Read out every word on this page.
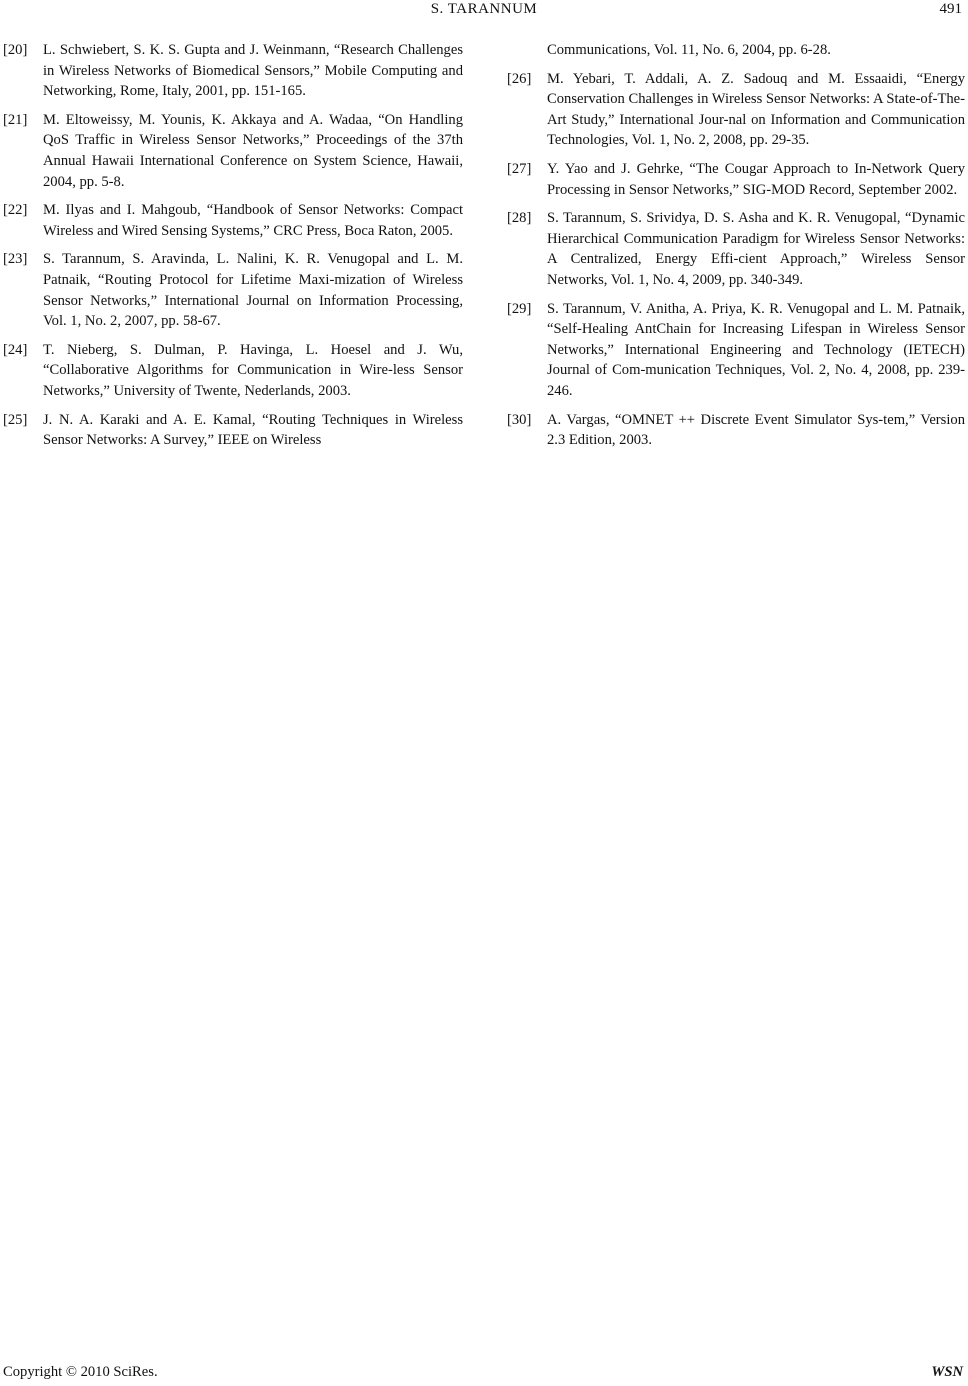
S. TARANNUM	491
[20] L. Schwiebert, S. K. S. Gupta and J. Weinmann, “Research Challenges in Wireless Networks of Biomedical Sensors,” Mobile Computing and Networking, Rome, Italy, 2001, pp. 151-165.
[21] M. Eltoweissy, M. Younis, K. Akkaya and A. Wadaa, “On Handling QoS Traffic in Wireless Sensor Networks,” Proceedings of the 37th Annual Hawaii International Conference on System Science, Hawaii, 2004, pp. 5-8.
[22] M. Ilyas and I. Mahgoub, “Handbook of Sensor Networks: Compact Wireless and Wired Sensing Systems,” CRC Press, Boca Raton, 2005.
[23] S. Tarannum, S. Aravinda, L. Nalini, K. R. Venugopal and L. M. Patnaik, “Routing Protocol for Lifetime Maxi-mization of Wireless Sensor Networks,” International Journal on Information Processing, Vol. 1, No. 2, 2007, pp. 58-67.
[24] T. Nieberg, S. Dulman, P. Havinga, L. Hoesel and J. Wu, “Collaborative Algorithms for Communication in Wire-less Sensor Networks,” University of Twente, Nederlands, 2003.
[25] J. N. A. Karaki and A. E. Kamal, “Routing Techniques in Wireless Sensor Networks: A Survey,” IEEE on Wireless
Communications, Vol. 11, No. 6, 2004, pp. 6-28.
[26] M. Yebari, T. Addali, A. Z. Sadouq and M. Essaaidi, “Energy Conservation Challenges in Wireless Sensor Networks: A State-of-The-Art Study,” International Jour-nal on Information and Communication Technologies, Vol. 1, No. 2, 2008, pp. 29-35.
[27] Y. Yao and J. Gehrke, “The Cougar Approach to In-Network Query Processing in Sensor Networks,” SIG-MOD Record, September 2002.
[28] S. Tarannum, S. Srividya, D. S. Asha and K. R. Venugopal, “Dynamic Hierarchical Communication Paradigm for Wireless Sensor Networks: A Centralized, Energy Effi-cient Approach,” Wireless Sensor Networks, Vol. 1, No. 4, 2009, pp. 340-349.
[29] S. Tarannum, V. Anitha, A. Priya, K. R. Venugopal and L. M. Patnaik, “Self-Healing AntChain for Increasing Lifespan in Wireless Sensor Networks,” International Engineering and Technology (IETECH) Journal of Com-munication Techniques, Vol. 2, No. 4, 2008, pp. 239-246.
[30] A. Vargas, “OMNET ++ Discrete Event Simulator Sys-tem,” Version 2.3 Edition, 2003.
Copyright © 2010 SciRes.	WSN
